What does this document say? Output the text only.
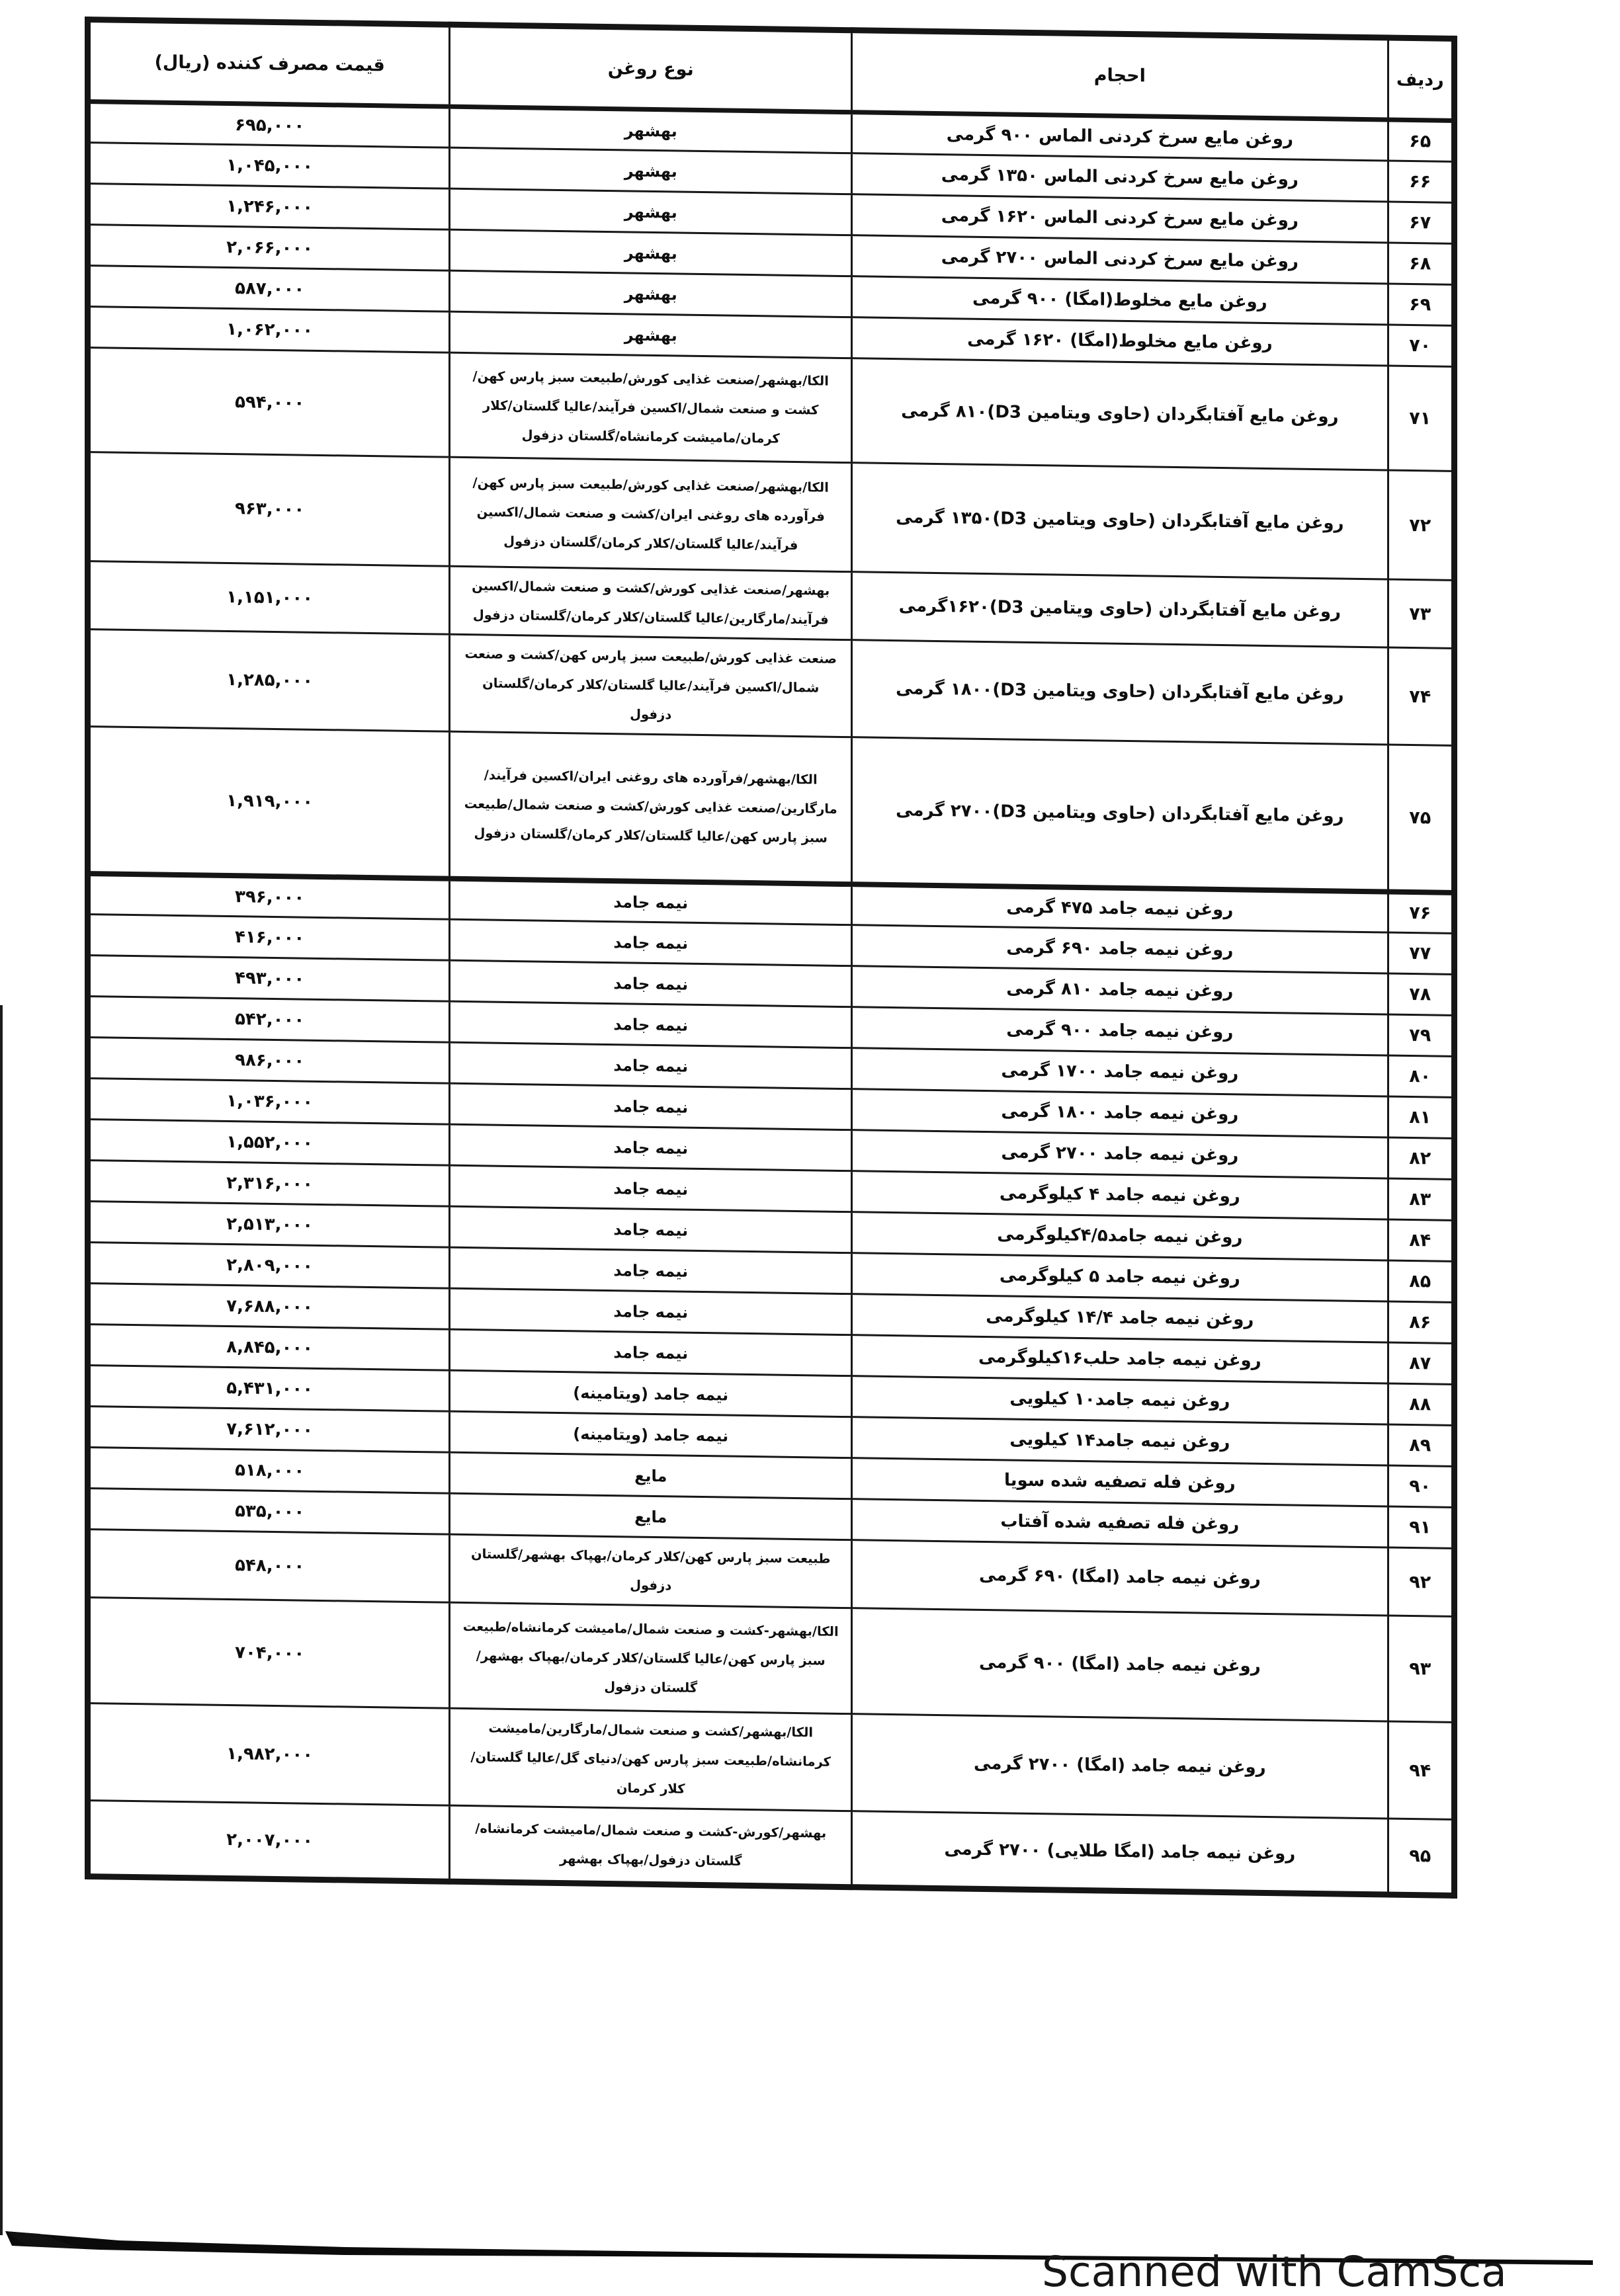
ردیف	احجام	نوع روغن	قیمت مصرف کننده (ریال)
۶۵	روغن مایع سرخ کردنی الماس ۹۰۰ گرمی	بهشهر	۶۹۵,۰۰۰
۶۶	روغن مایع سرخ کردنی الماس ۱۳۵۰ گرمی	بهشهر	۱,۰۴۵,۰۰۰
۶۷	روغن مایع سرخ کردنی الماس ۱۶۲۰ گرمی	بهشهر	۱,۲۴۶,۰۰۰
۶۸	روغن مایع سرخ کردنی الماس ۲۷۰۰ گرمی	بهشهر	۲,۰۶۶,۰۰۰
۶۹	روغن مایع مخلوط(امگا) ۹۰۰ گرمی	بهشهر	۵۸۷,۰۰۰
۷۰	روغن مایع مخلوط(امگا) ۱۶۲۰ گرمی	بهشهر	۱,۰۶۲,۰۰۰
۷۱	روغن مایع آفتابگردان (حاوی ویتامین D3)۸۱۰ گرمی	الکا/بهشهر/صنعت غذایی کورش/طبیعت سبز پارس کهن/کشت و صنعت شمال/اکسین فرآیند/عالیا گلستان/کلار کرمان/مامیشت کرمانشاه/گلستان دزفول	۵۹۴,۰۰۰
۷۲	روغن مایع آفتابگردان (حاوی ویتامین D3)۱۳۵۰ گرمی	الکا/بهشهر/صنعت غذایی کورش/طبیعت سبز پارس کهن/فرآورده های روغنی ایران/کشت و صنعت شمال/اکسین فرآیند/عالیا گلستان/کلار کرمان/گلستان دزفول	۹۶۳,۰۰۰
۷۳	روغن مایع آفتابگردان (حاوی ویتامین D3)۱۶۲۰گرمی	بهشهر/صنعت غذایی کورش/کشت و صنعت شمال/اکسین فرآیند/مارگارین/عالیا گلستان/کلار کرمان/گلستان دزفول	۱,۱۵۱,۰۰۰
۷۴	روغن مایع آفتابگردان (حاوی ویتامین D3)۱۸۰۰ گرمی	صنعت غذایی کورش/طبیعت سبز پارس کهن/کشت و صنعت شمال/اکسین فرآیند/عالیا گلستان/کلار کرمان/گلستان دزفول	۱,۲۸۵,۰۰۰
۷۵	روغن مایع آفتابگردان (حاوی ویتامین D3)۲۷۰۰ گرمی	الکا/بهشهر/فرآورده های روغنی ایران/اکسین فرآیند/مارگارین/صنعت غذایی کورش/کشت و صنعت شمال/طبیعت سبز پارس کهن/عالیا گلستان/کلار کرمان/گلستان دزفول	۱,۹۱۹,۰۰۰
۷۶	روغن نیمه جامد ۴۷۵ گرمی	نیمه جامد	۳۹۶,۰۰۰
۷۷	روغن نیمه جامد ۶۹۰ گرمی	نیمه جامد	۴۱۶,۰۰۰
۷۸	روغن نیمه جامد ۸۱۰ گرمی	نیمه جامد	۴۹۳,۰۰۰
۷۹	روغن نیمه جامد ۹۰۰ گرمی	نیمه جامد	۵۴۲,۰۰۰
۸۰	روغن نیمه جامد ۱۷۰۰ گرمی	نیمه جامد	۹۸۶,۰۰۰
۸۱	روغن نیمه جامد ۱۸۰۰ گرمی	نیمه جامد	۱,۰۳۶,۰۰۰
۸۲	روغن نیمه جامد ۲۷۰۰ گرمی	نیمه جامد	۱,۵۵۲,۰۰۰
۸۳	روغن نیمه جامد ۴ کیلوگرمی	نیمه جامد	۲,۳۱۶,۰۰۰
۸۴	روغن نیمه جامد۴/۵کیلوگرمی	نیمه جامد	۲,۵۱۳,۰۰۰
۸۵	روغن نیمه جامد ۵ کیلوگرمی	نیمه جامد	۲,۸۰۹,۰۰۰
۸۶	روغن نیمه جامد ۱۴/۴ کیلوگرمی	نیمه جامد	۷,۶۸۸,۰۰۰
۸۷	روغن نیمه جامد حلب۱۶کیلوگرمی	نیمه جامد	۸,۸۴۵,۰۰۰
۸۸	روغن نیمه جامد۱۰ کیلویی	نیمه جامد (ویتامینه)	۵,۴۳۱,۰۰۰
۸۹	روغن نیمه جامد۱۴ کیلویی	نیمه جامد (ویتامینه)	۷,۶۱۲,۰۰۰
۹۰	روغن فله تصفیه شده سویا	مایع	۵۱۸,۰۰۰
۹۱	روغن فله تصفیه شده آفتاب	مایع	۵۳۵,۰۰۰
۹۲	روغن نیمه جامد (امگا) ۶۹۰ گرمی	طبیعت سبز پارس کهن/کلار کرمان/بهپاک بهشهر/گلستان دزفول	۵۴۸,۰۰۰
۹۳	روغن نیمه جامد (امگا) ۹۰۰ گرمی	الکا/بهشهر-کشت و صنعت شمال/مامیشت کرمانشاه/طبیعت سبز پارس کهن/عالیا گلستان/کلار کرمان/بهپاک بهشهر/گلستان دزفول	۷۰۴,۰۰۰
۹۴	روغن نیمه جامد (امگا) ۲۷۰۰ گرمی	الکا/بهشهر/کشت و صنعت شمال/مارگارین/مامیشت کرمانشاه/طبیعت سبز پارس کهن/دنیای گل/عالیا گلستان/کلار کرمان	۱,۹۸۲,۰۰۰
۹۵	روغن نیمه جامد (امگا طلایی) ۲۷۰۰ گرمی	بهشهر/کورش-کشت و صنعت شمال/مامیشت کرمانشاه/گلستان دزفول/بهپاک بهشهر	۲,۰۰۷,۰۰۰
Scanned with CamSca
